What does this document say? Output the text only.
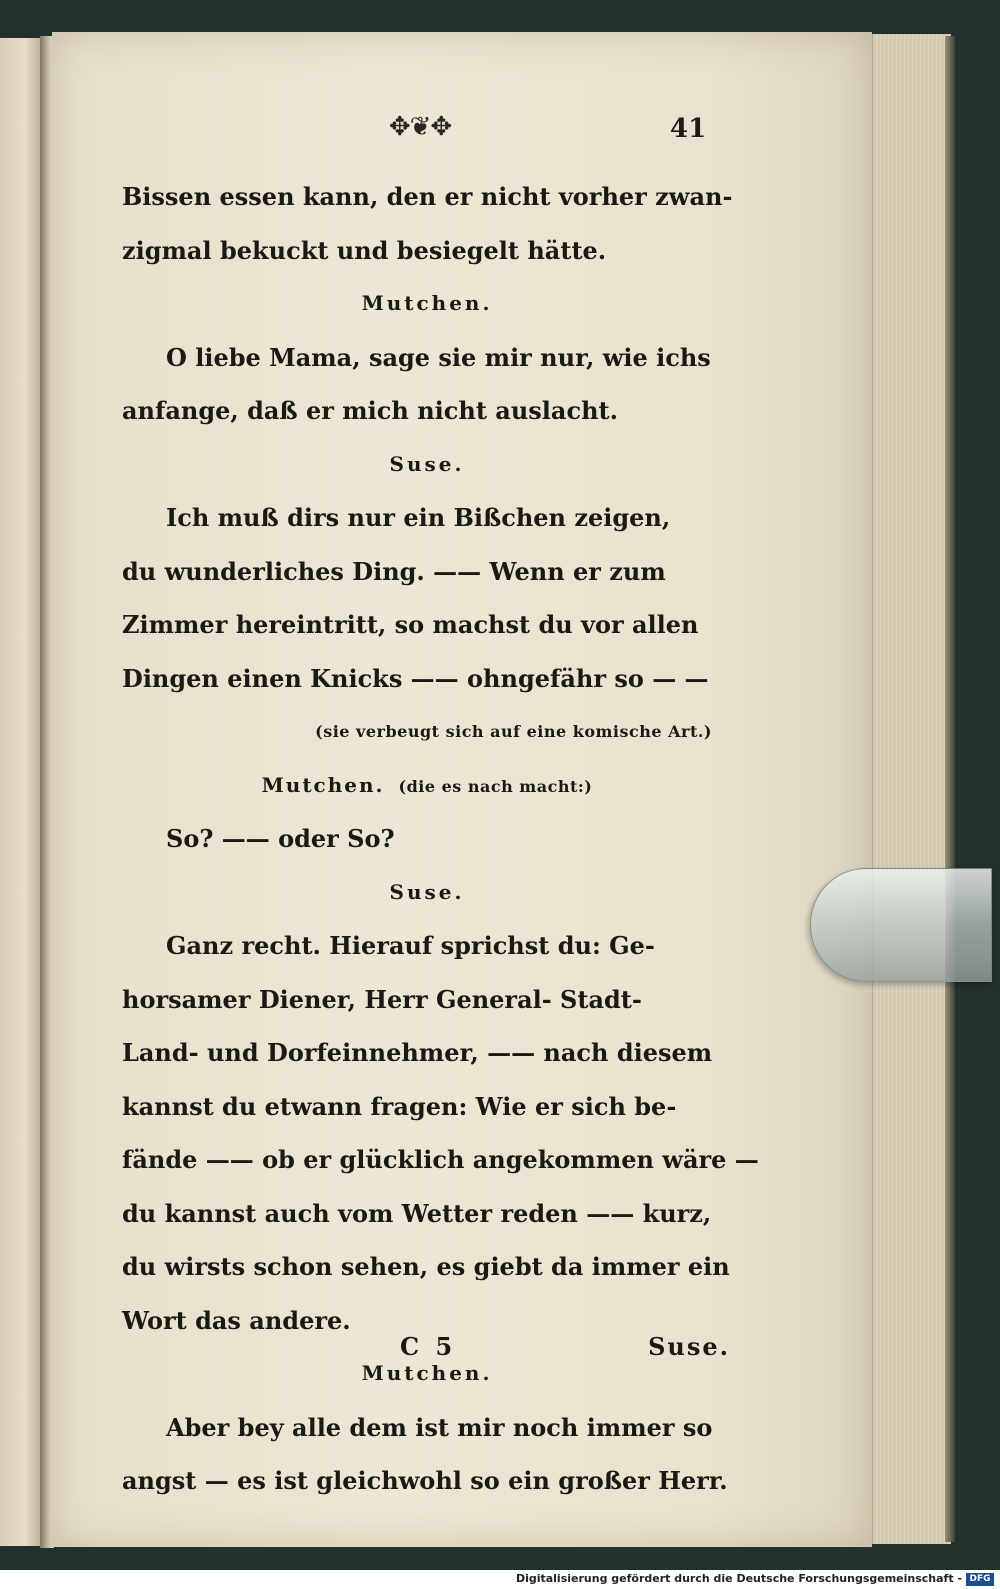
✥❦✥	41
Bissen essen kann, den er nicht vorher zwan-
zigmal bekuckt und besiegelt hätte.
Mutchen.
O liebe Mama, sage sie mir nur, wie ichs
anfange, daß er mich nicht auslacht.
Suse.
Ich muß dirs nur ein Bißchen zeigen,
du wunderliches Ding. —— Wenn er zum
Zimmer hereintritt, so machst du vor allen
Dingen einen Knicks —— ohngefähr so — —
(sie verbeugt sich auf eine komische Art.)
Mutchen. (die es nach macht:)
So? —— oder So?
Suse.
Ganz recht. Hierauf sprichst du: Ge-
horsamer Diener, Herr General- Stadt-
Land- und Dorfeinnehmer, —— nach diesem
kannst du etwann fragen: Wie er sich be-
fände —— ob er glücklich angekommen wäre —
du kannst auch vom Wetter reden —— kurz,
du wirsts schon sehen, es giebt da immer ein
Wort das andere.
Mutchen.
Aber bey alle dem ist mir noch immer so
angst — es ist gleichwohl so ein großer Herr.
C 5	Suse.
Digitalisierung gefördert durch die Deutsche Forschungsgemeinschaft - DFG
